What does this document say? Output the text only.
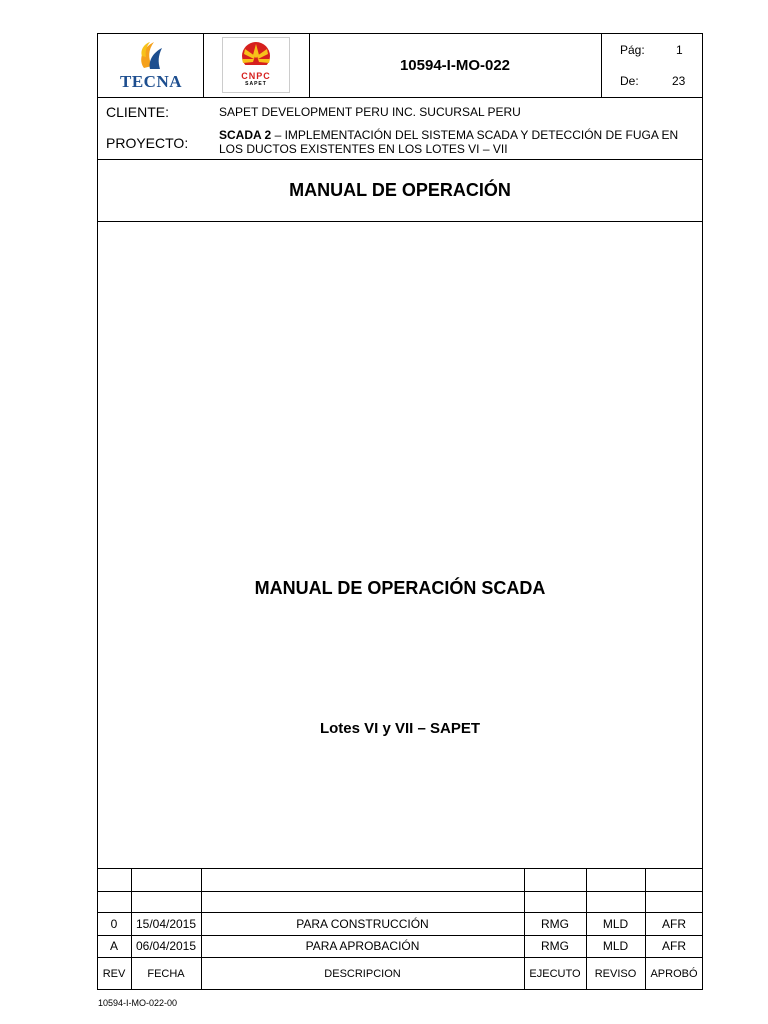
TECNA	CNPC
SAPET
10594-I-MO-022
Pág:	1
De:	23
CLIENTE:	SAPET DEVELOPMENT PERU INC. SUCURSAL PERU
PROYECTO:	SCADA 2 – IMPLEMENTACIÓN DEL SISTEMA SCADA Y DETECCIÓN DE FUGA EN
LOS DUCTOS EXISTENTES EN LOS LOTES VI – VII
MANUAL DE OPERACIÓN
MANUAL DE OPERACIÓN SCADA
Lotes VI y VII – SAPET
0	15/04/2015	PARA CONSTRUCCIÓN	RMG	MLD	AFR
A	06/04/2015	PARA APROBACIÓN	RMG	MLD	AFR
REV	FECHA	DESCRIPCION	EJECUTO	REVISO	APROBÓ
10594-I-MO-022-00
